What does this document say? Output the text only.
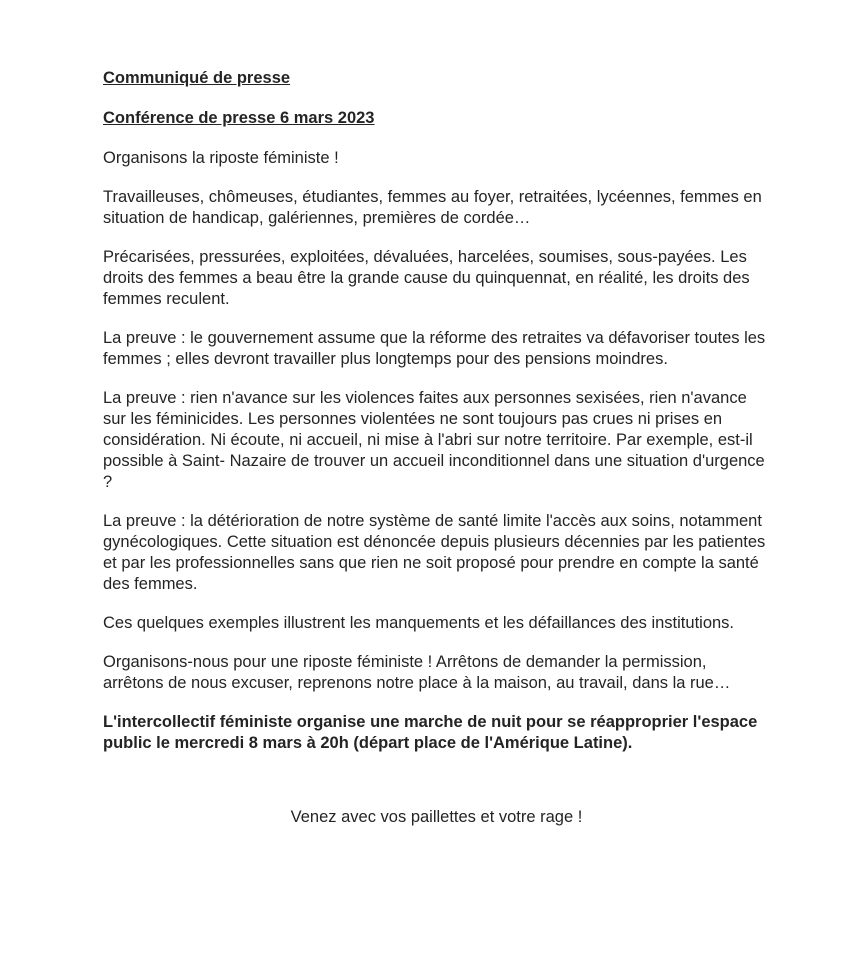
Communiqué de presse
Conférence de presse 6 mars 2023

Organisons la riposte féministe !

Travailleuses, chômeuses, étudiantes, femmes au foyer, retraitées, lycéennes, femmes en situation de handicap, galériennes, premières de cordée…

Précarisées, pressurées, exploitées, dévaluées, harcelées, soumises, sous-payées. Les droits des femmes a beau être la grande cause du quinquennat, en réalité, les droits des femmes reculent.

La preuve : le gouvernement assume que la réforme des retraites va défavoriser toutes les femmes ; elles devront travailler plus longtemps pour des pensions moindres.

La preuve : rien n'avance sur les violences faites aux personnes sexisées, rien n'avance sur les féminicides. Les personnes violentées ne sont toujours pas crues ni prises en considération. Ni écoute, ni accueil, ni mise à l'abri sur notre territoire. Par exemple, est-il possible à Saint- Nazaire de trouver un accueil inconditionnel dans une situation d'urgence ?

La preuve : la détérioration de notre système de santé limite l'accès aux soins, notamment gynécologiques. Cette situation est dénoncée depuis plusieurs décennies par les patientes et par les professionnelles sans que rien ne soit proposé pour prendre en compte la santé des femmes.

Ces quelques exemples illustrent les manquements et les défaillances des institutions.

Organisons-nous pour une riposte féministe ! Arrêtons de demander la permission, arrêtons de nous excuser, reprenons notre place à la maison, au travail, dans la rue…

L'intercollectif féministe organise une marche de nuit pour se réapproprier l'espace public le mercredi 8 mars à 20h (départ place de l'Amérique Latine).

Venez avec vos paillettes et votre rage !
